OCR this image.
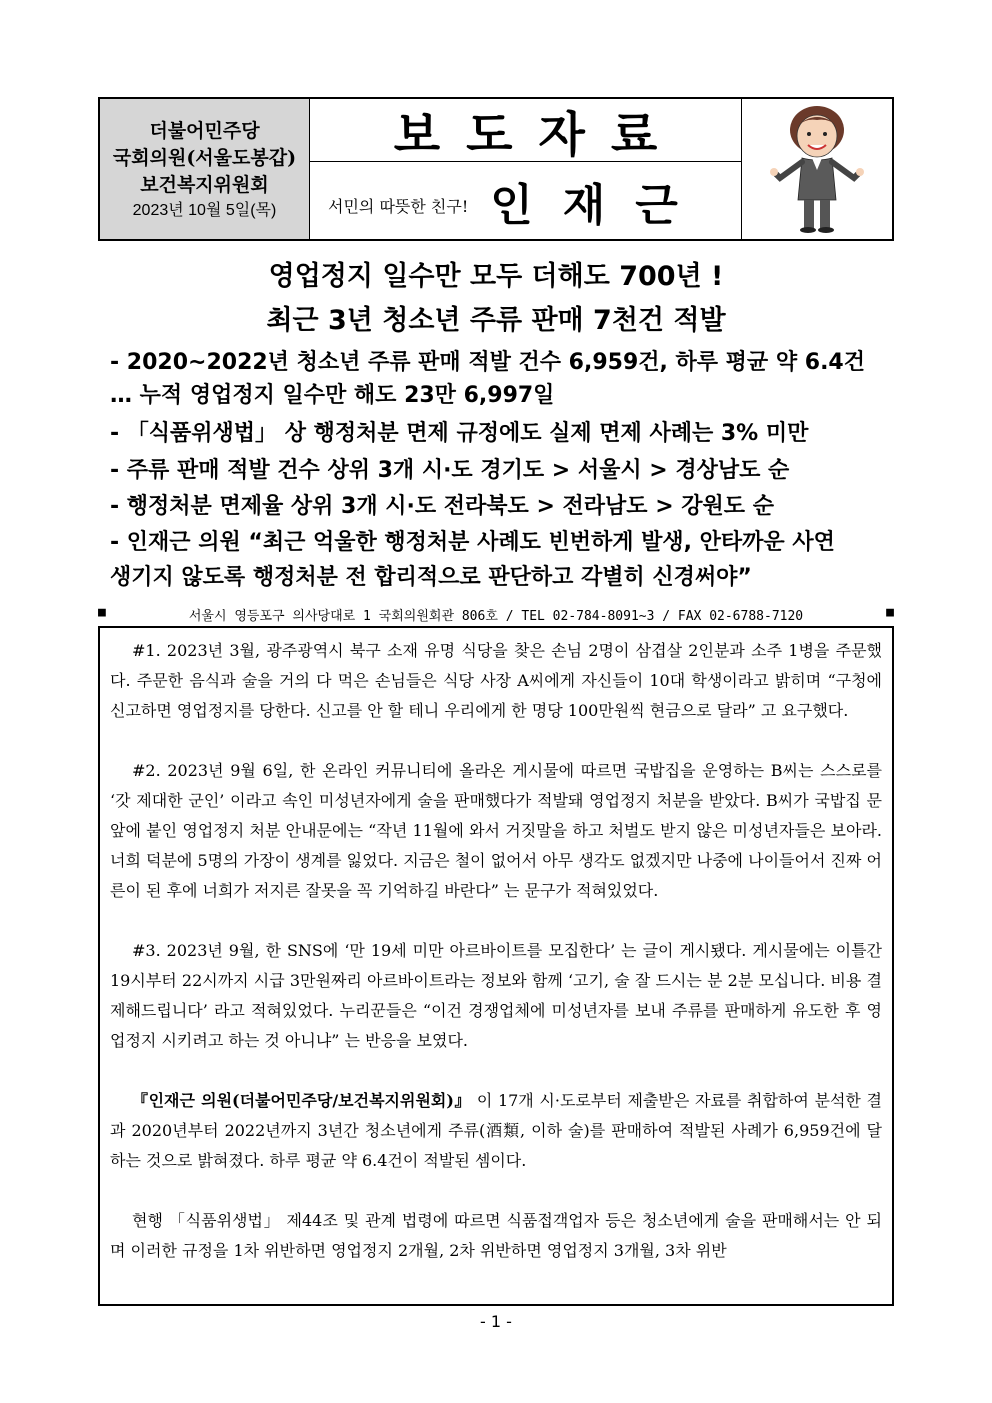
더불어민주당
국회의원(서울도봉갑)
보건복지위원회
2023년 10월 5일(목)
보도자료
서민의 따뜻한 친구! 인재근
영업정지 일수만 모두 더해도 700년 !
최근 3년 청소년 주류 판매 7천건 적발
- 2020~2022년 청소년 주류 판매 적발 건수 6,959건, 하루 평균 약 6.4건
… 누적 영업정지 일수만 해도 23만 6,997일
- 「식품위생법」 상 행정처분 면제 규정에도 실제 면제 사례는 3% 미만
- 주류 판매 적발 건수 상위 3개 시·도 경기도 > 서울시 > 경상남도 순
- 행정처분 면제율 상위 3개 시·도 전라북도 > 전라남도 > 강원도 순
- 인재근 의원 “최근 억울한 행정처분 사례도 빈번하게 발생, 안타까운 사연
생기지 않도록 행정처분 전 합리적으로 판단하고 각별히 신경써야”
■	서울시 영등포구 의사당대로 1 국회의원회관 806호 / TEL 02-784-8091~3 / FAX 02-6788-7120	■

#1. 2023년 3월, 광주광역시 북구 소재 유명 식당을 찾은 손님 2명이 삼겹살 2인분과 소주 1병을 주문했다. 주문한 음식과 술을 거의 다 먹은 손님들은 식당 사장 A씨에게 자신들이 10대 학생이라고 밝히며 “구청에 신고하면 영업정지를 당한다. 신고를 안 할 테니 우리에게 한 명당 100만원씩 현금으로 달라” 고 요구했다.

#2. 2023년 9월 6일, 한 온라인 커뮤니티에 올라온 게시물에 따르면 국밥집을 운영하는 B씨는 스스로를 ‘갓 제대한 군인’ 이라고 속인 미성년자에게 술을 판매했다가 적발돼 영업정지 처분을 받았다. B씨가 국밥집 문 앞에 붙인 영업정지 처분 안내문에는 “작년 11월에 와서 거짓말을 하고 처벌도 받지 않은 미성년자들은 보아라. 너희 덕분에 5명의 가장이 생계를 잃었다. 지금은 철이 없어서 아무 생각도 없겠지만 나중에 나이들어서 진짜 어른이 된 후에 너희가 저지른 잘못을 꼭 기억하길 바란다” 는 문구가 적혀있었다.

#3. 2023년 9월, 한 SNS에 ‘만 19세 미만 아르바이트를 모집한다’ 는 글이 게시됐다. 게시물에는 이틀간 19시부터 22시까지 시급 3만원짜리 아르바이트라는 정보와 함께 ‘고기, 술 잘 드시는 분 2분 모십니다. 비용 결제해드립니다’ 라고 적혀있었다. 누리꾼들은 “이건 경쟁업체에 미성년자를 보내 주류를 판매하게 유도한 후 영업정지 시키려고 하는 것 아니냐” 는 반응을 보였다.

『인재근 의원(더불어민주당/보건복지위원회)』 이 17개 시·도로부터 제출받은 자료를 취합하여 분석한 결과 2020년부터 2022년까지 3년간 청소년에게 주류(酒類, 이하 술)를 판매하여 적발된 사례가 6,959건에 달하는 것으로 밝혀졌다. 하루 평균 약 6.4건이 적발된 셈이다.

현행 「식품위생법」 제44조 및 관계 법령에 따르면 식품접객업자 등은 청소년에게 술을 판매해서는 안 되며 이러한 규정을 1차 위반하면 영업정지 2개월, 2차 위반하면 영업정지 3개월, 3차 위반

- 1 -
